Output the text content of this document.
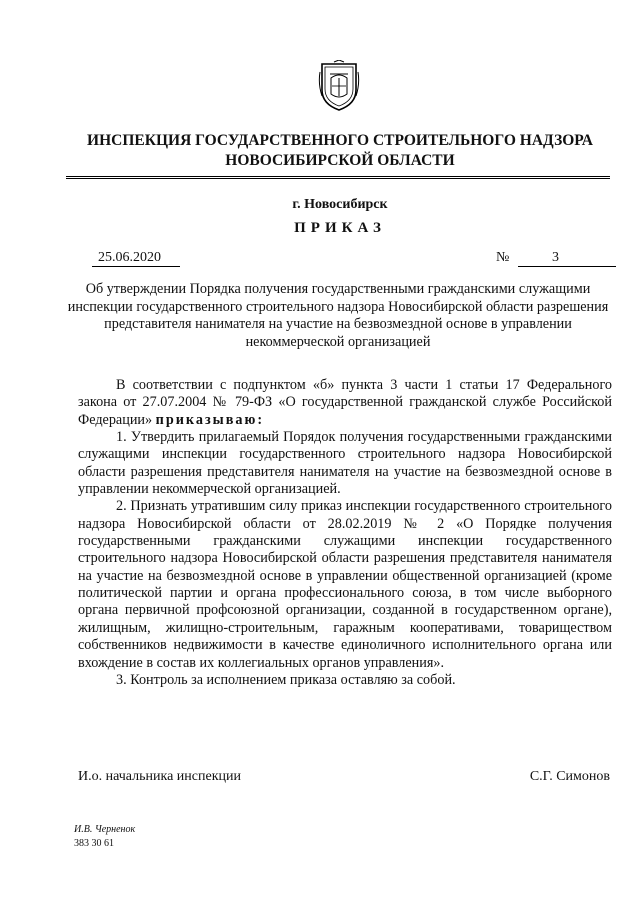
ИНСПЕКЦИЯ ГОСУДАРСТВЕННОГО СТРОИТЕЛЬНОГО НАДЗОРА
НОВОСИБИРСКОЙ ОБЛАСТИ
г. Новосибирск
ПРИКАЗ
25.06.2020	№	3
Об утверждении Порядка получения государственными гражданскими служащими инспекции государственного строительного надзора Новосибирской области разрешения представителя нанимателя на участие на безвозмездной основе в управлении некоммерческой организацией

В соответствии с подпунктом «б» пункта 3 части 1 статьи 17 Федерального закона от 27.07.2004 № 79-ФЗ «О государственной гражданской службе Российской Федерации» приказываю:

1. Утвердить прилагаемый Порядок получения государственными гражданскими служащими инспекции государственного строительного надзора Новосибирской области разрешения представителя нанимателя на участие на безвозмездной основе в управлении некоммерческой организацией.

2. Признать утратившим силу приказ инспекции государственного строительного надзора Новосибирской области от 28.02.2019 № 2 «О Порядке получения государственными гражданскими служащими инспекции государственного строительного надзора Новосибирской области разрешения представителя нанимателя на участие на безвозмездной основе в управлении общественной организацией (кроме политической партии и органа профессионального союза, в том числе выборного органа первичной профсоюзной организации, созданной в государственном органе), жилищным, жилищно-строительным, гаражным кооперативами, товариществом собственников недвижимости в качестве единоличного исполнительного органа или вхождение в состав их коллегиальных органов управления».

3. Контроль за исполнением приказа оставляю за собой.

И.о. начальника инспекции	С.Г. Симонов
И.В. Черненок
383 30 61
